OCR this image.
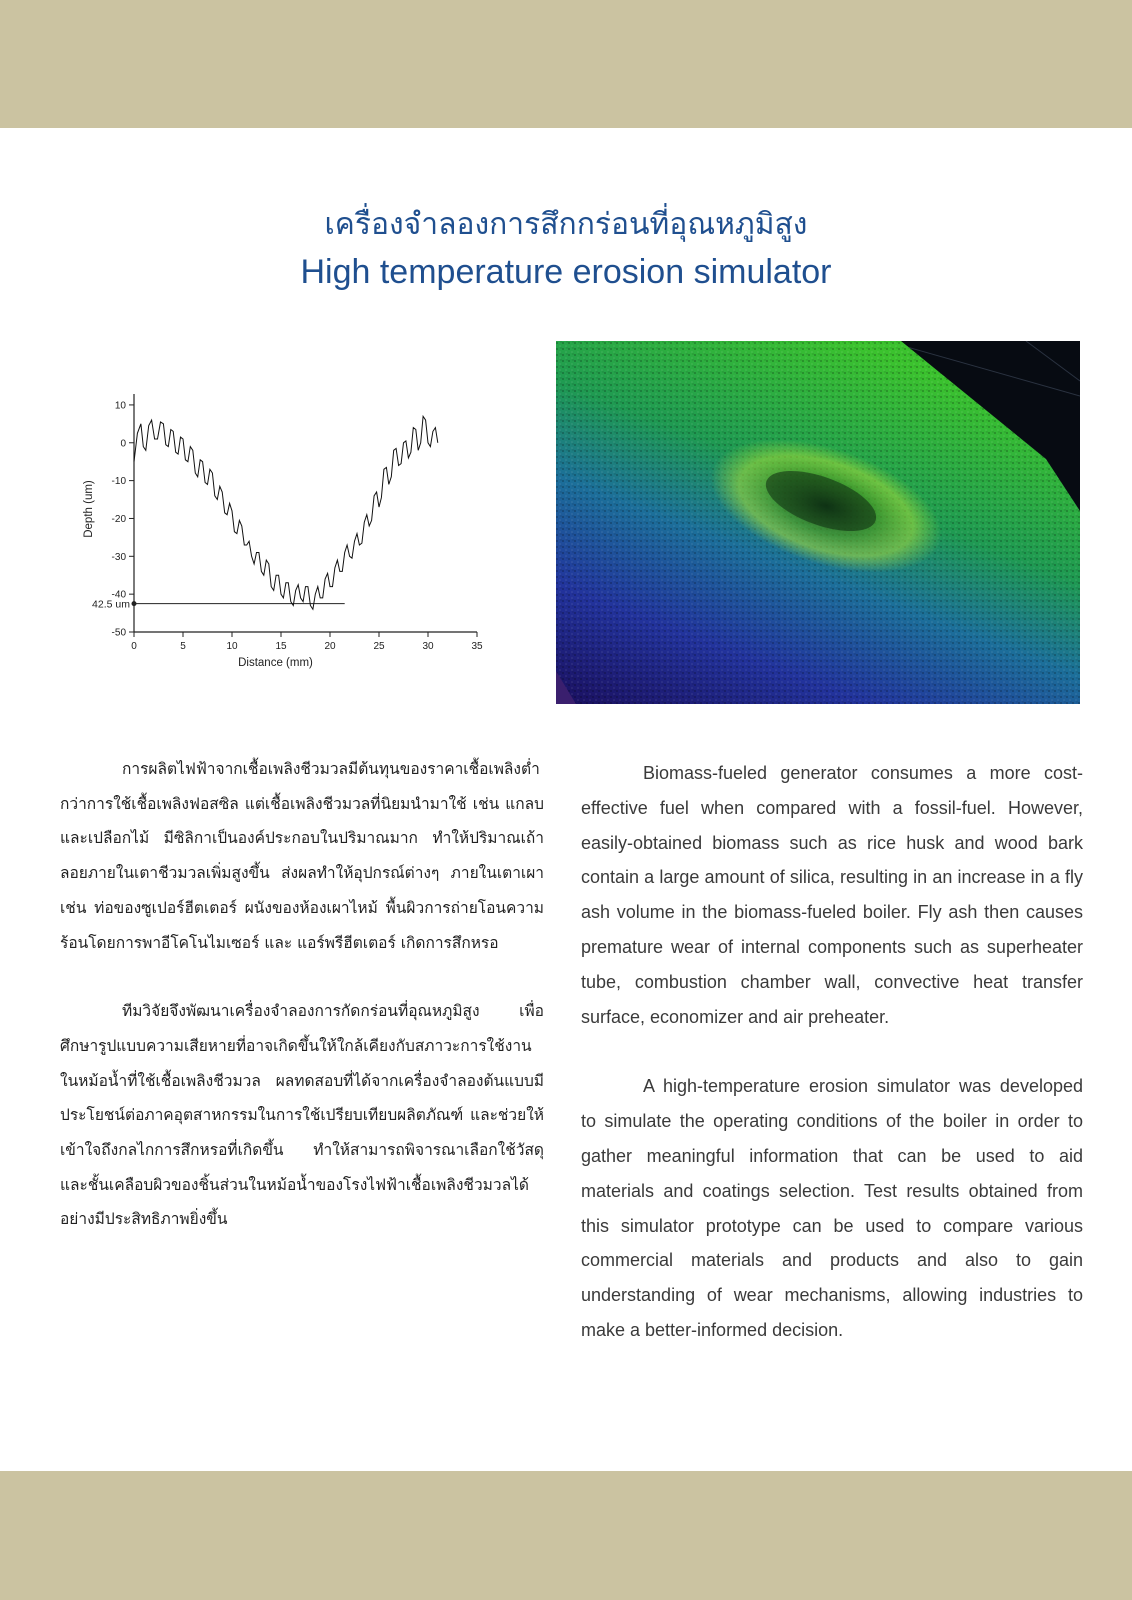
เครื่องจำลองการสึกกร่อนที่อุณหภูมิสูง
High temperature erosion simulator
0	5	10	15	20	25	30	35
10
0
-10
-20
-30
-40
-50
Distance (mm)
Depth (um)
42.5 um

การผลิตไฟฟ้าจากเชื้อเพลิงชีวมวลมีต้นทุนของราคาเชื้อเพลิงต่ำกว่าการใช้เชื้อเพลิงฟอสซิล แต่เชื้อเพลิงชีวมวลที่นิยมนำมาใช้ เช่น แกลบ และเปลือกไม้ มีซิลิกาเป็นองค์ประกอบในปริมาณมาก ทำให้ปริมาณเถ้าลอยภายในเตาชีวมวลเพิ่มสูงขึ้น ส่งผลทำให้อุปกรณ์ต่างๆ ภายในเตาเผา เช่น ท่อของซูเปอร์ฮีตเตอร์ ผนังของห้องเผาไหม้ พื้นผิวการถ่ายโอนความร้อนโดยการพาอีโคโนไมเซอร์ และ แอร์พรีฮีตเตอร์ เกิดการสึกหรอ

ทีมวิจัยจึงพัฒนาเครื่องจำลองการกัดกร่อนที่อุณหภูมิสูง เพื่อศึกษารูปแบบความเสียหายที่อาจเกิดขึ้นให้ใกล้เคียงกับสภาวะการใช้งานในหม้อน้ำที่ใช้เชื้อเพลิงชีวมวล ผลทดสอบที่ได้จากเครื่องจำลองต้นแบบมีประโยชน์ต่อภาคอุตสาหกรรมในการใช้เปรียบเทียบผลิตภัณฑ์ และช่วยให้เข้าใจถึงกลไกการสึกหรอที่เกิดขึ้น ทำให้สามารถพิจารณาเลือกใช้วัสดุและชั้นเคลือบผิวของชิ้นส่วนในหม้อน้ำของโรงไฟฟ้าเชื้อเพลิงชีวมวลได้อย่างมีประสิทธิภาพยิ่งขึ้น

Biomass-fueled generator consumes a more cost-effective fuel when compared with a fossil-fuel. However, easily-obtained biomass such as rice husk and wood bark contain a large amount of silica, resulting in an increase in a fly ash volume in the biomass-fueled boiler. Fly ash then causes premature wear of internal components such as superheater tube, combustion chamber wall, convective heat transfer surface, economizer and air preheater.

A high-temperature erosion simulator was developed to simulate the operating conditions of the boiler in order to gather meaningful information that can be used to aid materials and coatings selection. Test results obtained from this simulator prototype can be used to compare various commercial materials and products and also to gain understanding of wear mechanisms, allowing industries to make a better-informed decision.
